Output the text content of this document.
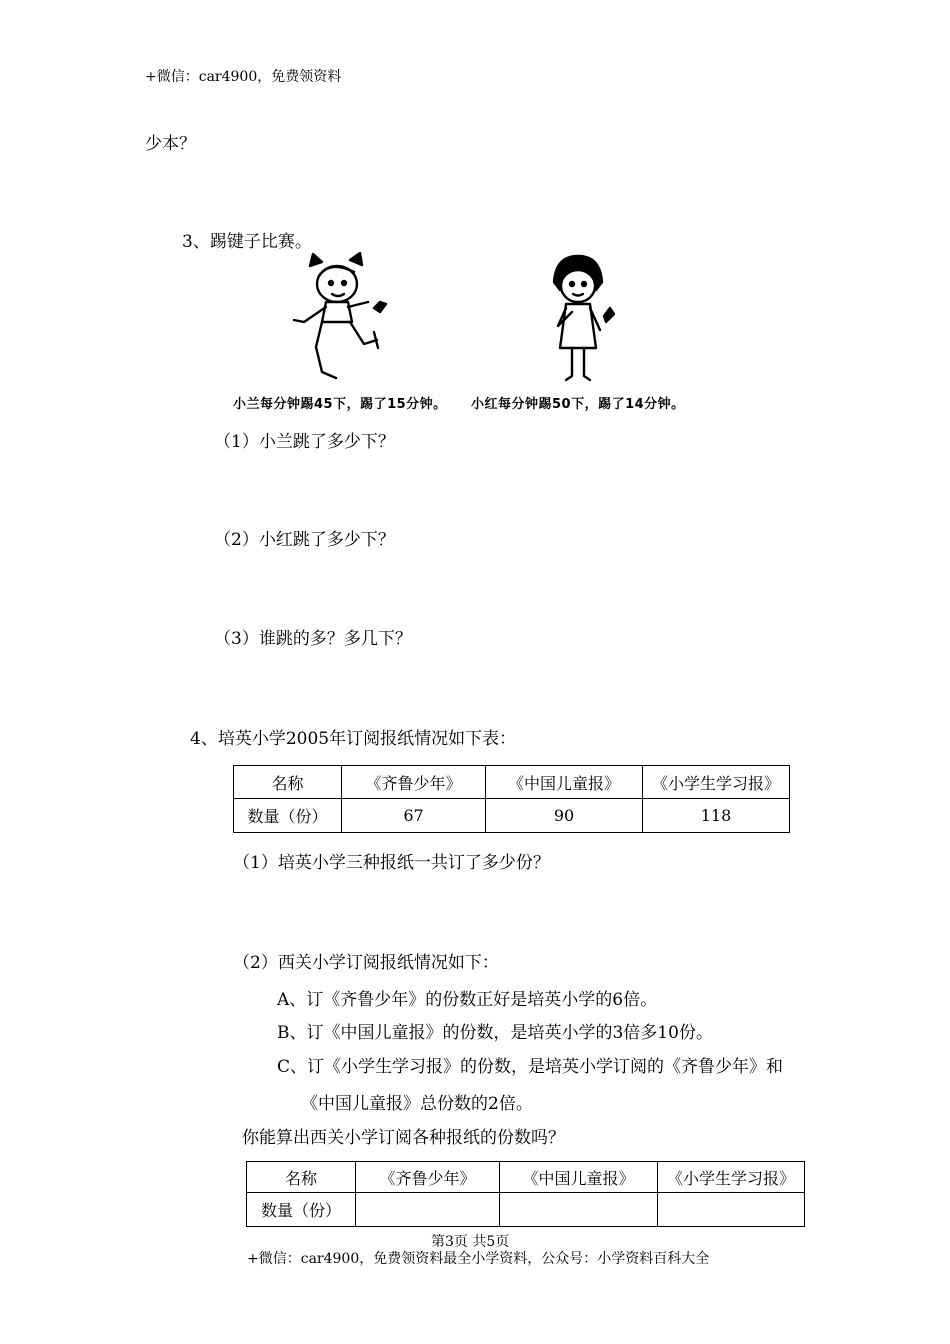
+微信：car4900，免费领资料
少本？
3、踢键子比赛。
小兰每分钟踢45下，踢了15分钟。 小红每分钟踢50下，踢了14分钟。
（1）小兰跳了多少下？
（2）小红跳了多少下？
（3）谁跳的多？多几下？
4、培英小学2005年订阅报纸情况如下表：
名称	《齐鲁少年》	《中国儿童报》	《小学生学习报》
数量（份）	67	90	118
（1）培英小学三种报纸一共订了多少份？
（2）西关小学订阅报纸情况如下：
A、订《齐鲁少年》的份数正好是培英小学的6倍。
B、订《中国儿童报》的份数，是培英小学的3倍多10份。
C、订《小学生学习报》的份数，是培英小学订阅的《齐鲁少年》和
《中国儿童报》总份数的2倍。
你能算出西关小学订阅各种报纸的份数吗？
名称	《齐鲁少年》	《中国儿童报》	《小学生学习报》
数量（份）			
第3页 共5页
+微信：car4900，免费领资料最全小学资料，公众号：小学资料百科大全
